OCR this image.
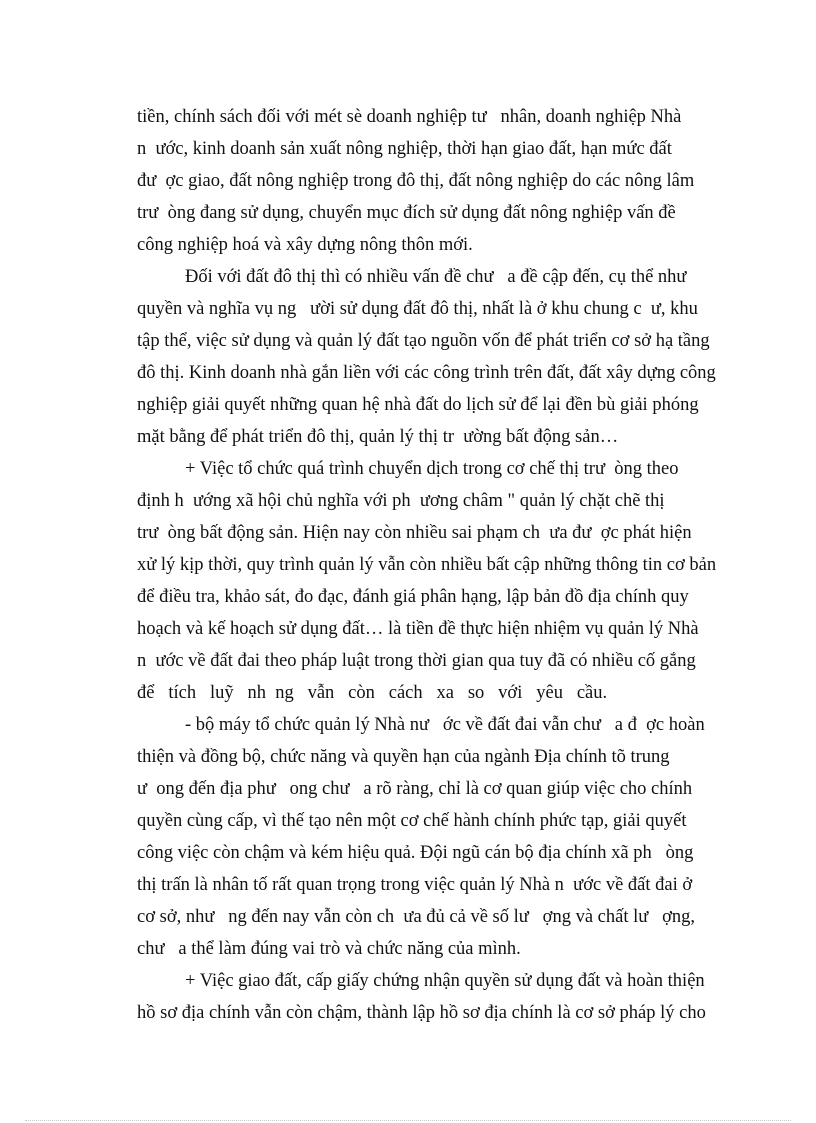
tiền, chính sách đối với mét sè doanh nghiệp tư   nhân, doanh nghiệp Nhà
n  ước, kinh doanh sản xuất nông nghiệp, thời hạn giao đất, hạn mức đất
đư  ợc giao, đất nông nghiệp trong đô thị, đất nông nghiệp do các nông lâm
trư  òng đang sử dụng, chuyển mục đích sử dụng đất nông nghiệp vấn đề
công nghiệp hoá và xây dựng nông thôn mới.
Đối với đất đô thị thì có nhiều vấn đề chư   a đề cập đến, cụ thể như
quyền và nghĩa vụ ng   ười sử dụng đất đô thị, nhất là ở khu chung c  ư, khu
tập thể, việc sử dụng và quản lý đất tạo nguồn vốn để phát triển cơ sở hạ tầng
đô thị. Kinh doanh nhà gắn liền với các công trình trên đất, đất xây dựng công
nghiệp giải quyết những quan hệ nhà đất do lịch sử để lại đền bù giải phóng
mặt bằng để phát triển đô thị, quản lý thị tr  ường bất động sản…
+ Việc tổ chức quá trình chuyển dịch trong cơ chế thị trư  òng theo
định h  ướng xã hội chủ nghĩa với ph  ương châm " quản lý chặt chẽ thị
trư  òng bất động sản. Hiện nay còn nhiều sai phạm ch  ưa đư  ợc phát hiện
xử lý kịp thời, quy trình quản lý vẫn còn nhiều bất cập những thông tin cơ bản
để điều tra, khảo sát, đo đạc, đánh giá phân hạng, lập bản đồ địa chính quy
hoạch và kế hoạch sử dụng đất… là tiền đề thực hiện nhiệm vụ quản lý Nhà
n  ước về đất đai theo pháp luật trong thời gian qua tuy đã có nhiều cố gắng
để   tích   luỹ   nh  ng   vẫn   còn   cách   xa   so   với   yêu   cầu.
- bộ máy tổ chức quản lý Nhà nư   ớc về đất đai vẫn chư   a đ  ợc hoàn
thiện và đồng bộ, chức năng và quyền hạn của ngành Địa chính tõ trung
ư  ong đến địa phư   ong chư   a rõ ràng, chỉ là cơ quan giúp việc cho chính
quyền cùng cấp, vì thế tạo nên một cơ chế hành chính phức tạp, giải quyết
công việc còn chậm và kém hiệu quả. Đội ngũ cán bộ địa chính xã ph   òng
thị trấn là nhân tố rất quan trọng trong việc quản lý Nhà n  ước về đất đai ở
cơ sở, như   ng đến nay vẫn còn ch  ưa đủ cả về số lư   ợng và chất lư   ợng,
chư   a thể làm đúng vai trò và chức năng của mình.
+ Việc giao đất, cấp giấy chứng nhận quyền sử dụng đất và hoàn thiện
hồ sơ địa chính vẫn còn chậm, thành lập hồ sơ địa chính là cơ sở pháp lý cho
